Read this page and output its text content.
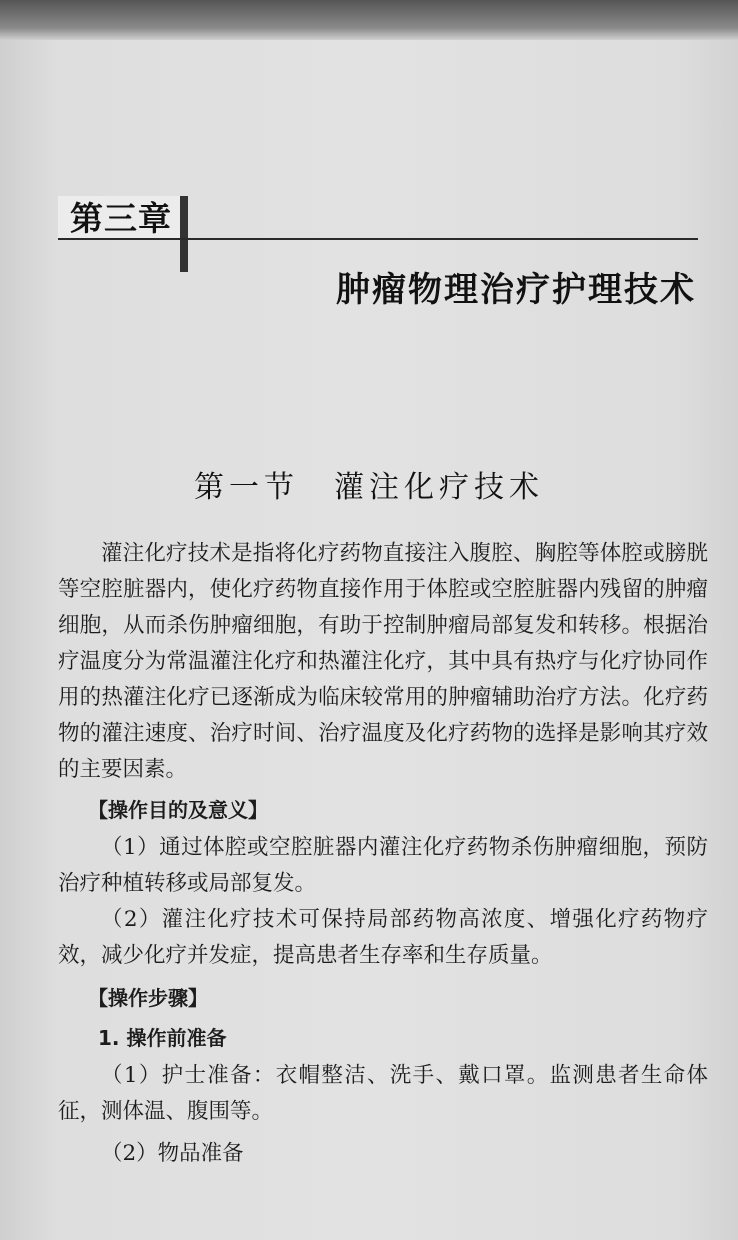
第三章
肿瘤物理治疗护理技术
第一节　灌注化疗技术

灌注化疗技术是指将化疗药物直接注入腹腔、胸腔等体腔或膀胱等空腔脏器内，使化疗药物直接作用于体腔或空腔脏器内残留的肿瘤细胞，从而杀伤肿瘤细胞，有助于控制肿瘤局部复发和转移。根据治疗温度分为常温灌注化疗和热灌注化疗，其中具有热疗与化疗协同作用的热灌注化疗已逐渐成为临床较常用的肿瘤辅助治疗方法。化疗药物的灌注速度、治疗时间、治疗温度及化疗药物的选择是影响其疗效的主要因素。

【操作目的及意义】

（1）通过体腔或空腔脏器内灌注化疗药物杀伤肿瘤细胞，预防治疗种植转移或局部复发。

（2）灌注化疗技术可保持局部药物高浓度、增强化疗药物疗效，减少化疗并发症，提高患者生存率和生存质量。

【操作步骤】

1. 操作前准备

（1）护士准备：衣帽整洁、洗手、戴口罩。监测患者生命体征，测体温、腹围等。

（2）物品准备
